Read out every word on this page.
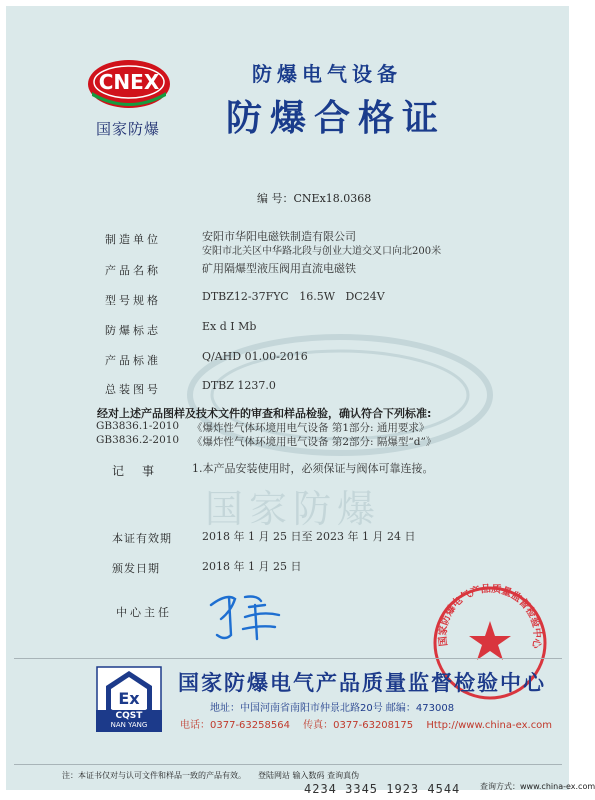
国家防爆
CNEX
国家防爆
防爆电气设备
防爆合格证
编 号：CNEx18.0368
制造单位	安阳市华阳电磁铁制造有限公司
安阳市北关区中华路北段与创业大道交叉口向北200米
产品名称	矿用隔爆型液压阀用直流电磁铁
型号规格	DTBZ12-37FYC   16.5W   DC24V
防爆标志	Ex d Ⅰ Mb
产品标准	Q/AHD 01.00-2016
总装图号	DTBZ 1237.0
经对上述产品图样及技术文件的审查和样品检验，确认符合下列标准:
GB3836.1-2010 《爆炸性气体环境用电气设备 第1部分: 通用要求》
GB3836.2-2010 《爆炸性气体环境用电气设备 第2部分: 隔爆型“d”》
记　事	1.本产品安装使用时，必须保证与阀体可靠连接。
本证有效期	2018 年 1 月 25 日至 2023 年 1 月 24 日
颁发日期	2018 年 1 月 25 日
中心主任
国家防爆电气产品质量监督检验中心
Ex
CQST
NAN YANG
国家防爆电气产品质量监督检验中心
地址：中国河南省南阳市仲景北路20号 邮编：473008
电话：0377-63258564 传真：0377-63208175 Http://www.china-ex.com
注：本证书仅对与认可文件和样品一致的产品有效。　　登陆网站 输入数码 查询真伪
4234 3345 1923 4544 查询方式：www.china-ex.com
